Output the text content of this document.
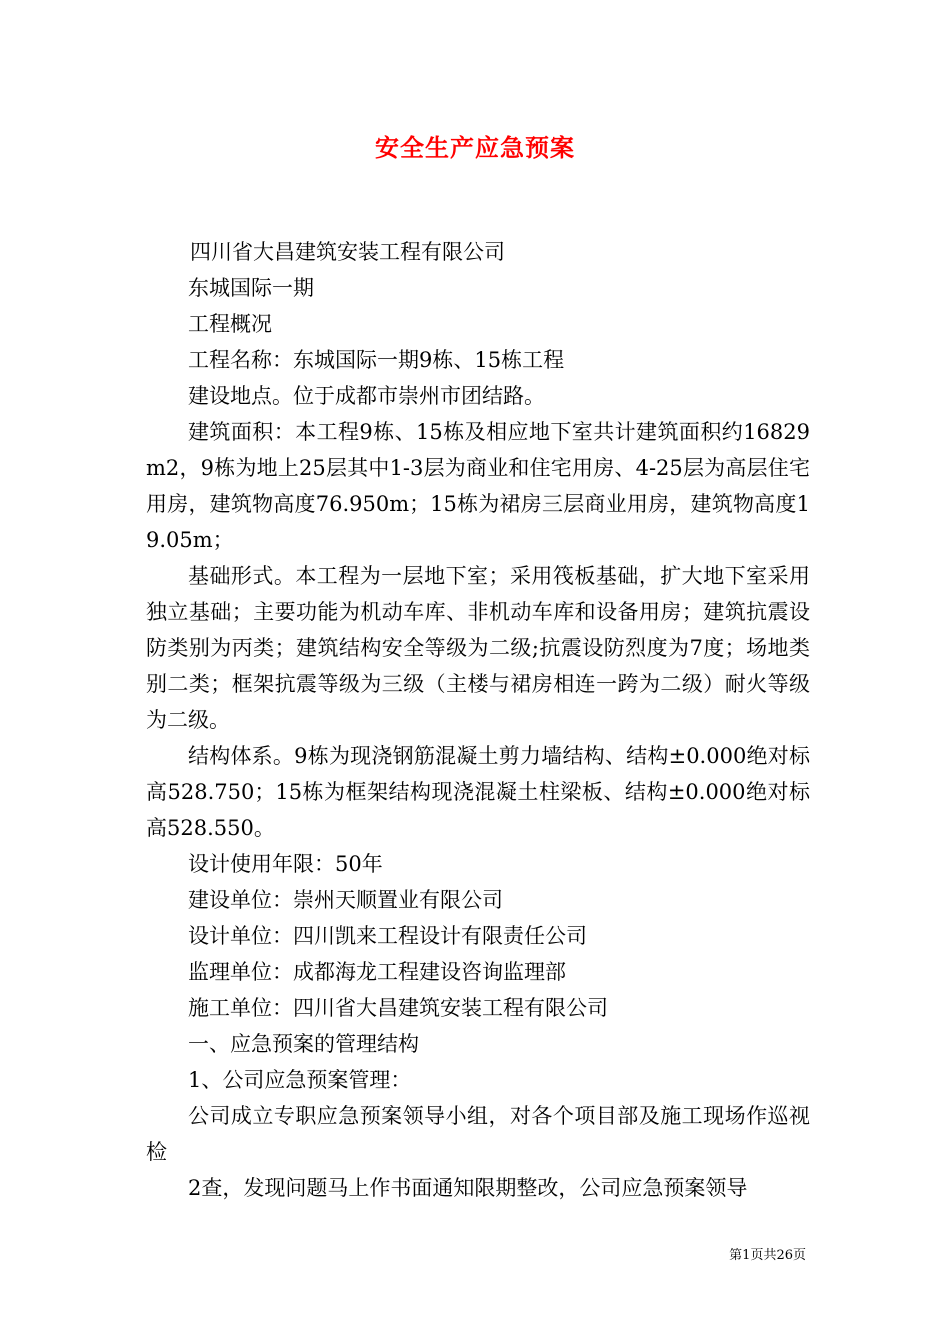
安全生产应急预案

四川省大昌建筑安装工程有限公司

东城国际一期

工程概况

工程名称：东城国际一期9栋、15栋工程

建设地点。位于成都市崇州市团结路。

建筑面积：本工程9栋、15栋及相应地下室共计建筑面积约16829m2，9栋为地上25层其中1-3层为商业和住宅用房、4-25层为高层住宅用房，建筑物高度76.950m；15栋为裙房三层商业用房，建筑物高度19.05m；

基础形式。本工程为一层地下室；采用筏板基础，扩大地下室采用独立基础；主要功能为机动车库、非机动车库和设备用房；建筑抗震设防类别为丙类；建筑结构安全等级为二级;抗震设防烈度为7度；场地类别二类；框架抗震等级为三级（主楼与裙房相连一跨为二级）耐火等级为二级。

结构体系。9栋为现浇钢筋混凝土剪力墙结构、结构±0.000绝对标高528.750；15栋为框架结构现浇混凝土柱梁板、结构±0.000绝对标高528.550。

设计使用年限：50年

建设单位：崇州天顺置业有限公司

设计单位：四川凯来工程设计有限责任公司

监理单位：成都海龙工程建设咨询监理部

施工单位：四川省大昌建筑安装工程有限公司

一、应急预案的管理结构

1、公司应急预案管理：

公司成立专职应急预案领导小组，对各个项目部及施工现场作巡视检

2查，发现问题马上作书面通知限期整改，公司应急预案领导

第1页共26页
